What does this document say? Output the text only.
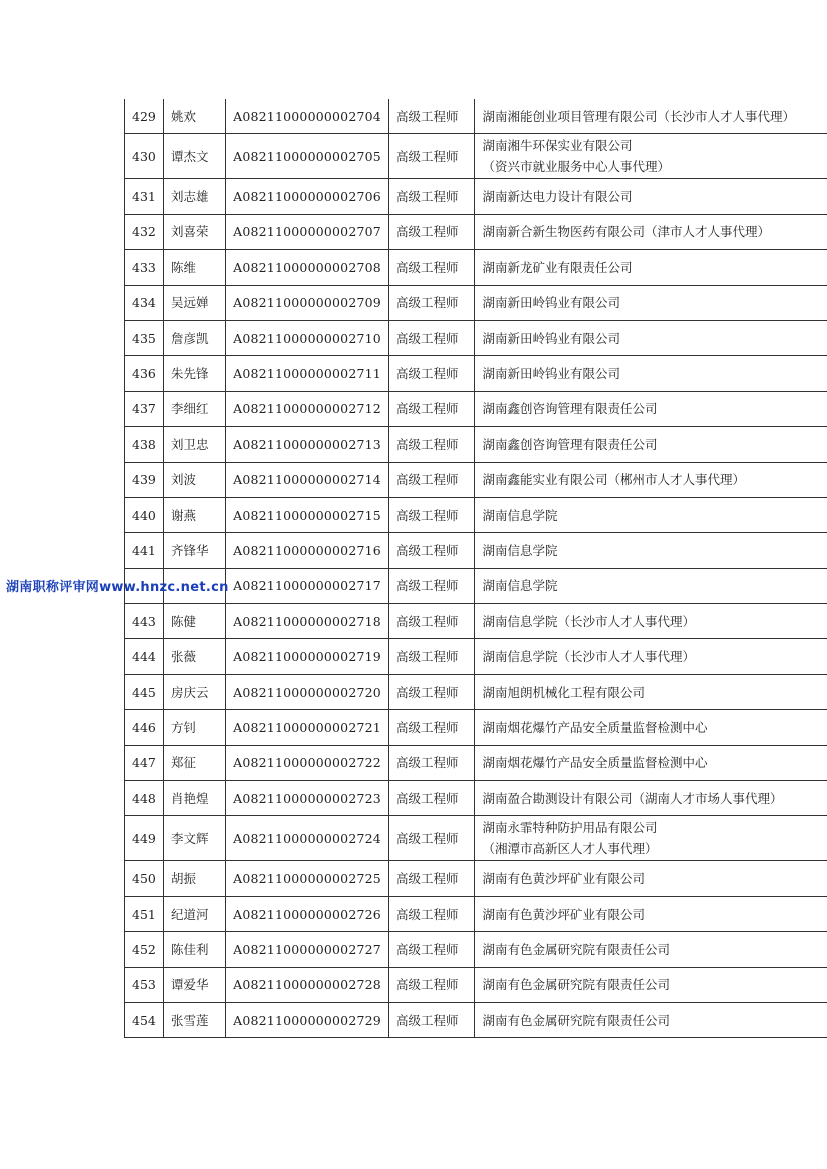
429	姚欢	A08211000000002704	高级工程师	湖南湘能创业项目管理有限公司（长沙市人才人事代理）

430	谭杰文	A08211000000002705	高级工程师	湖南湘牛环保实业有限公司
（资兴市就业服务中心人事代理）

431	刘志雄	A08211000000002706	高级工程师	湖南新达电力设计有限公司

432	刘喜荣	A08211000000002707	高级工程师	湖南新合新生物医药有限公司（津市人才人事代理）

433	陈维	A08211000000002708	高级工程师	湖南新龙矿业有限责任公司

434	吴远婵	A08211000000002709	高级工程师	湖南新田岭钨业有限公司

435	詹彦凯	A08211000000002710	高级工程师	湖南新田岭钨业有限公司

436	朱先锋	A08211000000002711	高级工程师	湖南新田岭钨业有限公司

437	李细红	A08211000000002712	高级工程师	湖南鑫创咨询管理有限责任公司

438	刘卫忠	A08211000000002713	高级工程师	湖南鑫创咨询管理有限责任公司

439	刘波	A08211000000002714	高级工程师	湖南鑫能实业有限公司（郴州市人才人事代理）

440	谢燕	A08211000000002715	高级工程师	湖南信息学院

441	齐锋华	A08211000000002716	高级工程师	湖南信息学院

		A08211000000002717	高级工程师	湖南信息学院

443	陈健	A08211000000002718	高级工程师	湖南信息学院（长沙市人才人事代理）

444	张薇	A08211000000002719	高级工程师	湖南信息学院（长沙市人才人事代理）

445	房庆云	A08211000000002720	高级工程师	湖南旭朗机械化工程有限公司

446	方钊	A08211000000002721	高级工程师	湖南烟花爆竹产品安全质量监督检测中心

447	郑征	A08211000000002722	高级工程师	湖南烟花爆竹产品安全质量监督检测中心

448	肖艳煌	A08211000000002723	高级工程师	湖南盈合勘测设计有限公司（湖南人才市场人事代理）

449	李文辉	A08211000000002724	高级工程师	湖南永霏特种防护用品有限公司
（湘潭市高新区人才人事代理）

450	胡振	A08211000000002725	高级工程师	湖南有色黄沙坪矿业有限公司

451	纪道河	A08211000000002726	高级工程师	湖南有色黄沙坪矿业有限公司

452	陈佳利	A08211000000002727	高级工程师	湖南有色金属研究院有限责任公司

453	谭爱华	A08211000000002728	高级工程师	湖南有色金属研究院有限责任公司

454	张雪莲	A08211000000002729	高级工程师	湖南有色金属研究院有限责任公司
湖南职称评审网www.hnzc.net.cn
